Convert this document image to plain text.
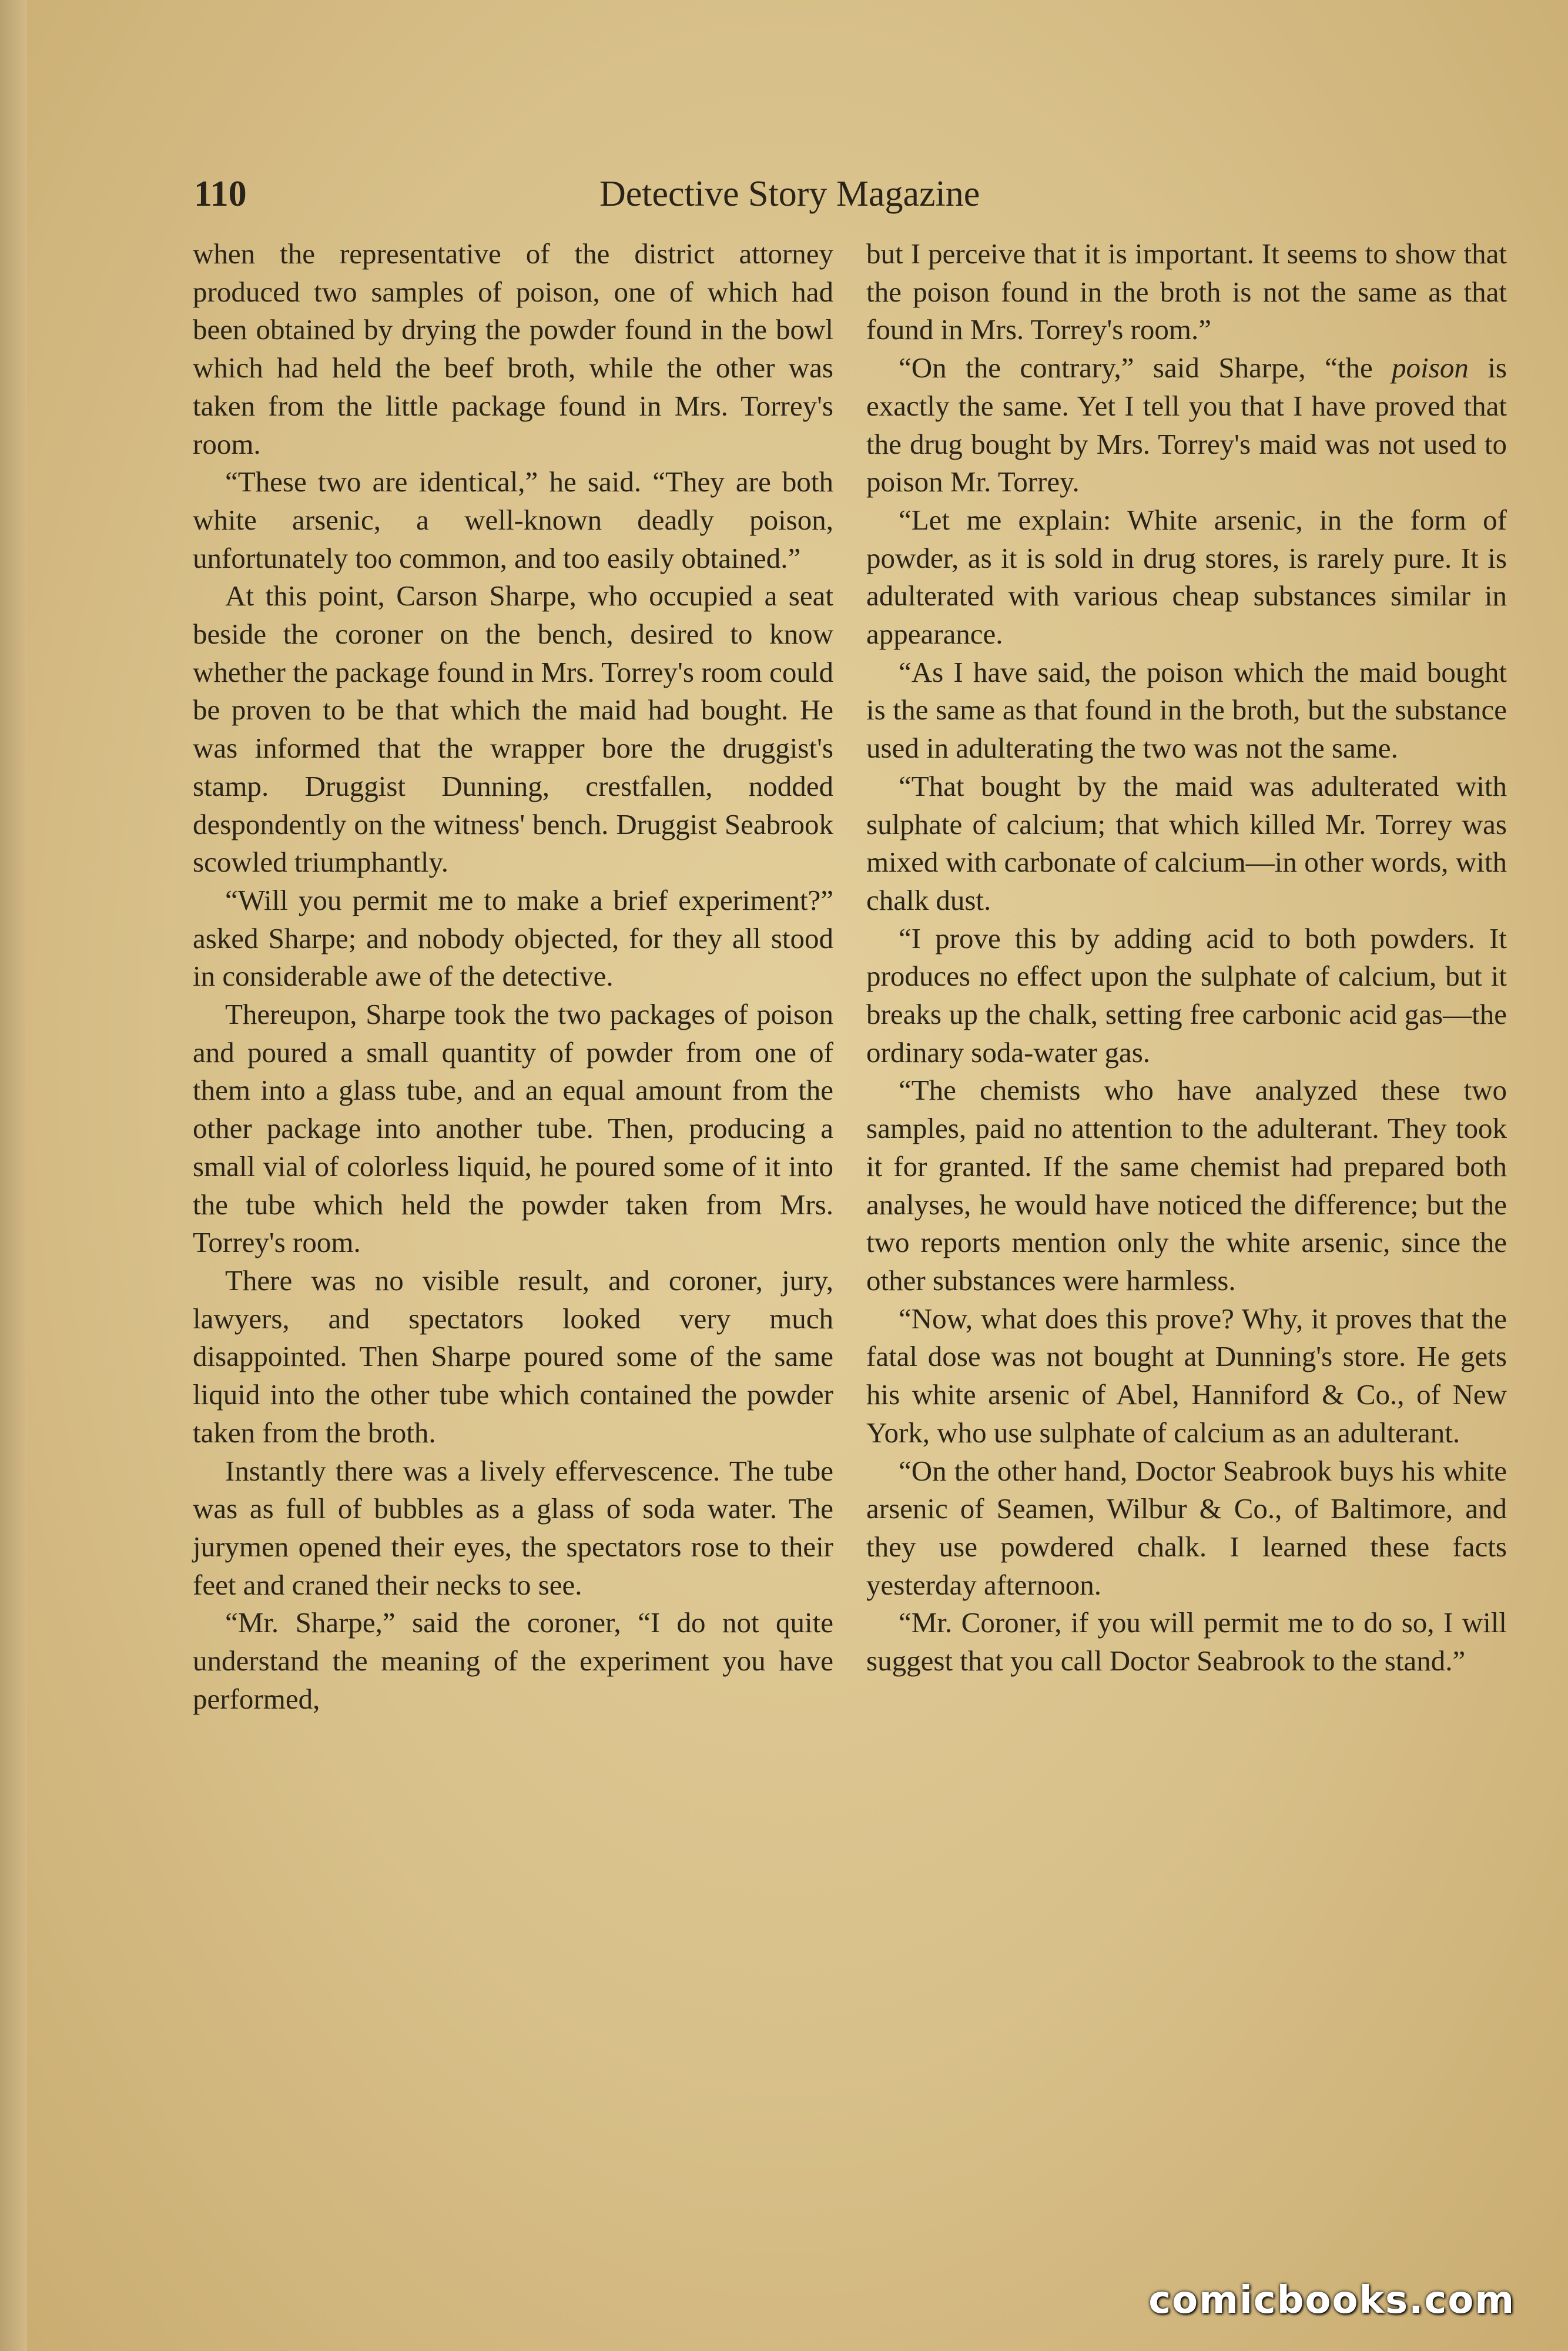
110	Detective Story Magazine

when the representative of the district attorney produced two samples of poison, one of which had been obtained by drying the powder found in the bowl which had held the beef broth, while the other was taken from the little package found in Mrs. Torrey's room.

“These two are identical,” he said. “They are both white arsenic, a well-known deadly poison, unfortunately too common, and too easily obtained.”

At this point, Carson Sharpe, who occupied a seat beside the coroner on the bench, desired to know whether the package found in Mrs. Torrey's room could be proven to be that which the maid had bought. He was informed that the wrapper bore the druggist's stamp. Druggist Dunning, crestfallen, nodded despondently on the witness' bench. Druggist Seabrook scowled triumphantly.

“Will you permit me to make a brief experiment?” asked Sharpe; and nobody objected, for they all stood in considerable awe of the detective.

Thereupon, Sharpe took the two packages of poison and poured a small quantity of powder from one of them into a glass tube, and an equal amount from the other package into another tube. Then, producing a small vial of colorless liquid, he poured some of it into the tube which held the powder taken from Mrs. Torrey's room.

There was no visible result, and coroner, jury, lawyers, and spectators looked very much disappointed. Then Sharpe poured some of the same liquid into the other tube which contained the powder taken from the broth.

Instantly there was a lively effervescence. The tube was as full of bubbles as a glass of soda water. The jurymen opened their eyes, the spectators rose to their feet and craned their necks to see.

“Mr. Sharpe,” said the coroner, “I do not quite understand the meaning of the experiment you have performed,

but I perceive that it is important. It seems to show that the poison found in the broth is not the same as that found in Mrs. Torrey's room.”

“On the contrary,” said Sharpe, “the poison is exactly the same. Yet I tell you that I have proved that the drug bought by Mrs. Torrey's maid was not used to poison Mr. Torrey.

“Let me explain: White arsenic, in the form of powder, as it is sold in drug stores, is rarely pure. It is adulterated with various cheap substances similar in appearance.

“As I have said, the poison which the maid bought is the same as that found in the broth, but the substance used in adulterating the two was not the same.

“That bought by the maid was adulterated with sulphate of calcium; that which killed Mr. Torrey was mixed with carbonate of calcium—in other words, with chalk dust.

“I prove this by adding acid to both powders. It produces no effect upon the sulphate of calcium, but it breaks up the chalk, setting free carbonic acid gas—the ordinary soda-water gas.

“The chemists who have analyzed these two samples, paid no attention to the adulterant. They took it for granted. If the same chemist had prepared both analyses, he would have noticed the difference; but the two reports mention only the white arsenic, since the other substances were harmless.

“Now, what does this prove? Why, it proves that the fatal dose was not bought at Dunning's store. He gets his white arsenic of Abel, Hanniford & Co., of New York, who use sulphate of calcium as an adulterant.

“On the other hand, Doctor Seabrook buys his white arsenic of Seamen, Wilbur & Co., of Baltimore, and they use powdered chalk. I learned these facts yesterday afternoon.

“Mr. Coroner, if you will permit me to do so, I will suggest that you call Doctor Seabrook to the stand.”

comicbooks.com
